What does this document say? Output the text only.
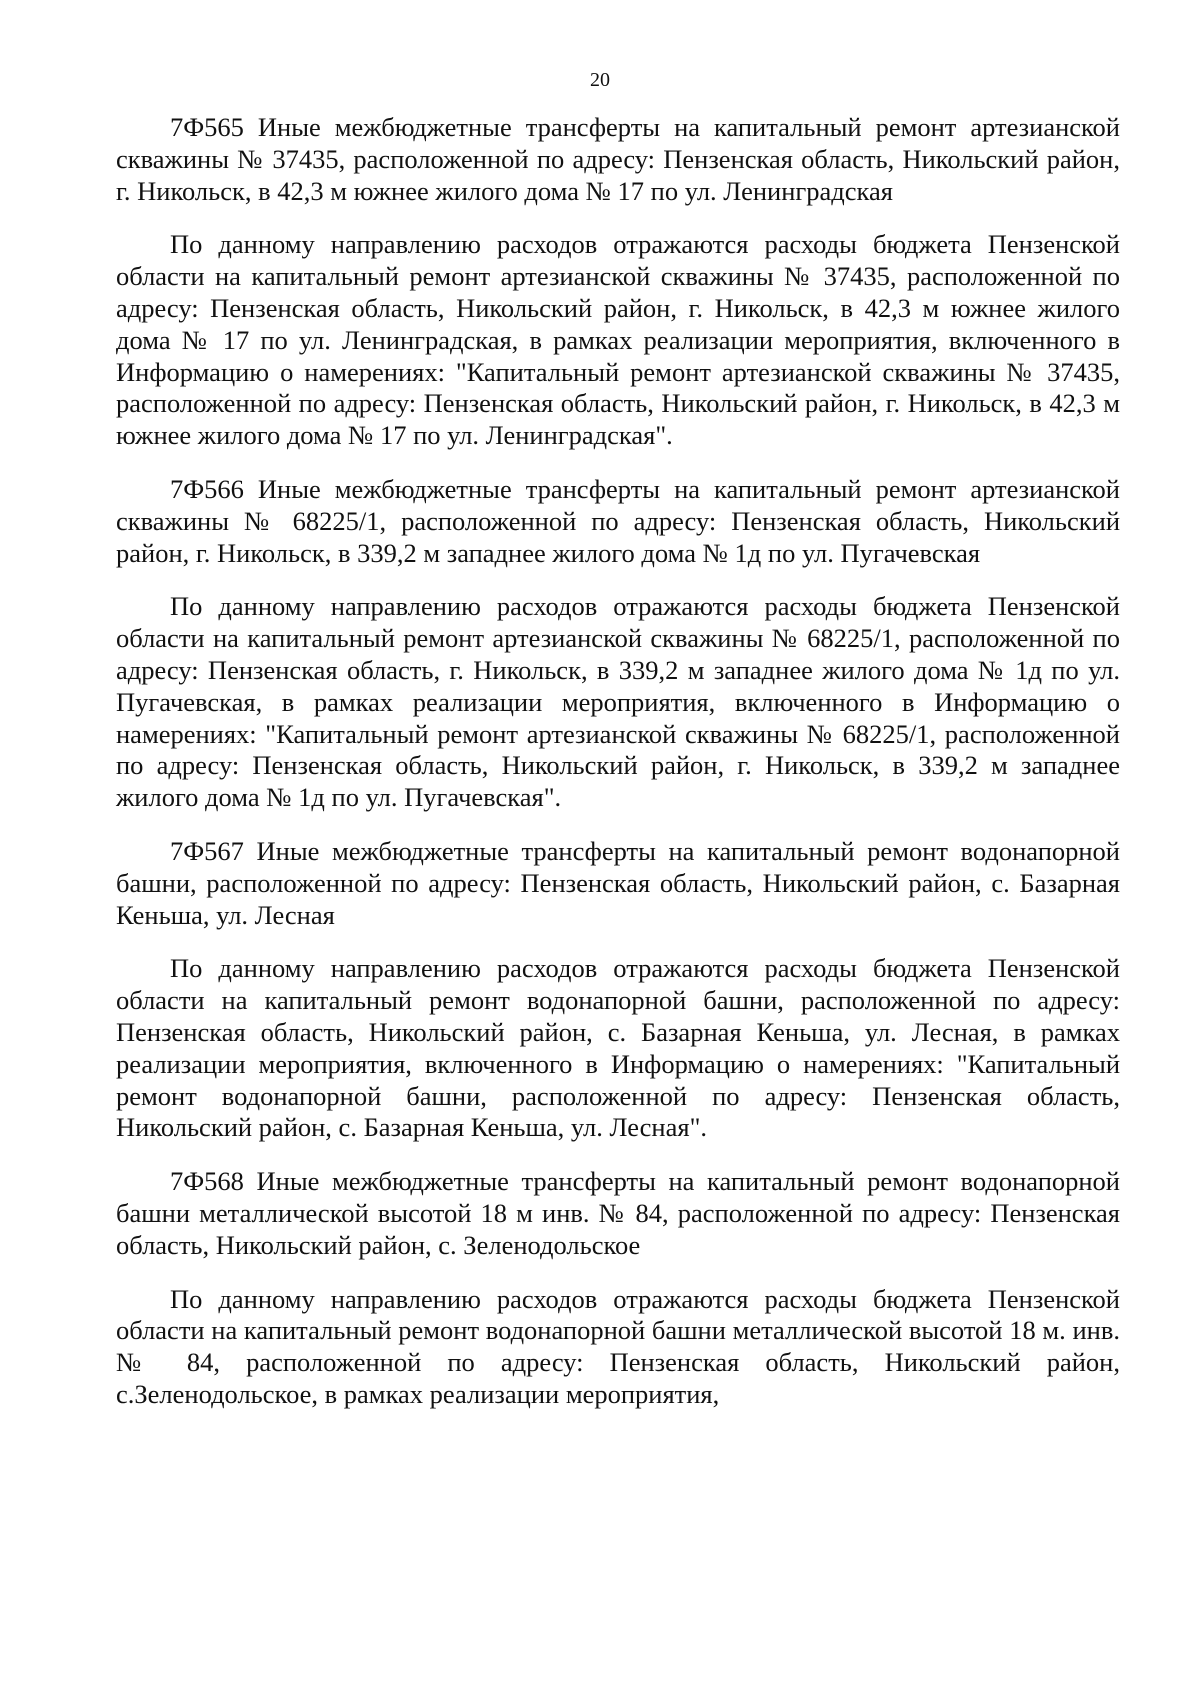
20

7Ф565 Иные межбюджетные трансферты на капитальный ремонт артезианской скважины № 37435, расположенной по адресу: Пензенская область, Никольский район, г. Никольск, в 42,3 м южнее жилого дома № 17 по ул. Ленинградская

По данному направлению расходов отражаются расходы бюджета Пензенской области на капитальный ремонт артезианской скважины № 37435, расположенной по адресу: Пензенская область, Никольский район, г. Никольск, в 42,3 м южнее жилого дома № 17 по ул. Ленинградская, в рамках реализации мероприятия, включенного в Информацию о намерениях: "Капитальный ремонт артезианской скважины № 37435, расположенной по адресу: Пензенская область, Никольский район, г. Никольск, в 42,3 м южнее жилого дома № 17 по ул. Ленинградская".

7Ф566 Иные межбюджетные трансферты на капитальный ремонт артезианской скважины № 68225/1, расположенной по адресу: Пензенская область, Никольский район, г. Никольск, в 339,2 м западнее жилого дома № 1д по ул. Пугачевская

По данному направлению расходов отражаются расходы бюджета Пензенской области на капитальный ремонт артезианской скважины № 68225/1, расположенной по адресу: Пензенская область, г. Никольск, в 339,2 м западнее жилого дома № 1д по ул. Пугачевская, в рамках реализации мероприятия, включенного в Информацию о намерениях: "Капитальный ремонт артезианской скважины № 68225/1, расположенной по адресу: Пензенская область, Никольский район, г. Никольск, в 339,2 м западнее жилого дома № 1д по ул. Пугачевская".

7Ф567 Иные межбюджетные трансферты на капитальный ремонт водонапорной башни, расположенной по адресу: Пензенская область, Никольский район, с. Базарная Кеньша, ул. Лесная

По данному направлению расходов отражаются расходы бюджета Пензенской области на капитальный ремонт водонапорной башни, расположенной по адресу: Пензенская область, Никольский район, с. Базарная Кеньша, ул. Лесная, в рамках реализации мероприятия, включенного в Информацию о намерениях: "Капитальный ремонт водонапорной башни, расположенной по адресу: Пензенская область, Никольский район, с. Базарная Кеньша, ул. Лесная".

7Ф568 Иные межбюджетные трансферты на капитальный ремонт водонапорной башни металлической высотой 18 м инв. № 84, расположенной по адресу: Пензенская область, Никольский район, с. Зеленодольское

По данному направлению расходов отражаются расходы бюджета Пензенской области на капитальный ремонт водонапорной башни металлической высотой 18 м. инв. № 84, расположенной по адресу: Пензенская область, Никольский район, с.Зеленодольское, в рамках реализации мероприятия,
